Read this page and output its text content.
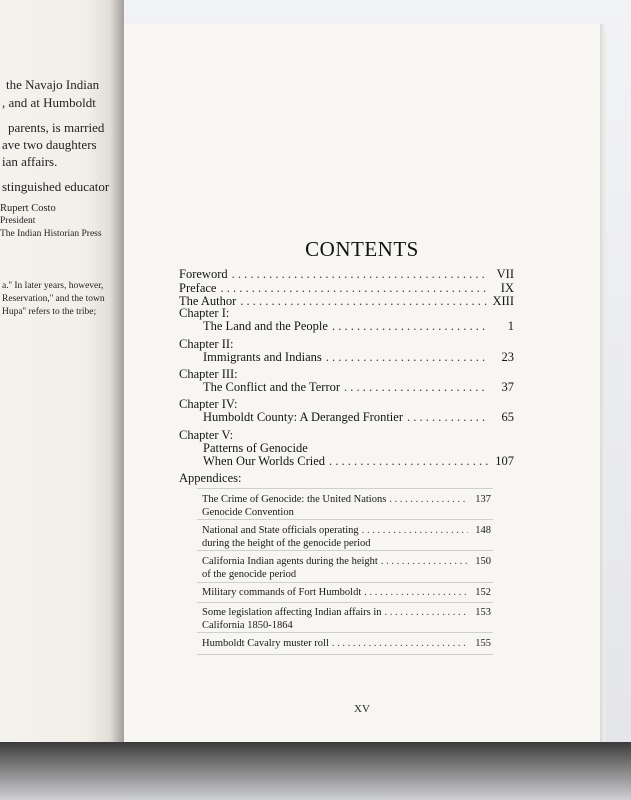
the Navajo Indian
, and at Humboldt
parents, is married
ave two daughters
ian affairs.
stinguished educator
Rupert Costo
President
The Indian Historian Press
a.'' In later years, however,
Reservation,'' and the town
Hupa'' refers to the tribe;
CONTENTS
Foreword . . .	VII
Preface . . .	IX
The Author . . .	XIII
Chapter I:
The Land and the People . . .	1
Chapter II:
Immigrants and Indians . . .	23
Chapter III:
The Conflict and the Terror . . .	37
Chapter IV:
Humboldt County: A Deranged Frontier . . .	65
Chapter V:
Patterns of Genocide
When Our Worlds Cried . . .	107
Appendices:
The Crime of Genocide: the United Nations . . .	137
Genocide Convention
National and State officials operating . . .	148
during the height of the genocide period
California Indian agents during the height . . .	150
of the genocide period
Military commands of Fort Humboldt . . .	152
Some legislation affecting Indian affairs in . . .	153
California 1850-1864
Humboldt Cavalry muster roll . . .	155
XV
